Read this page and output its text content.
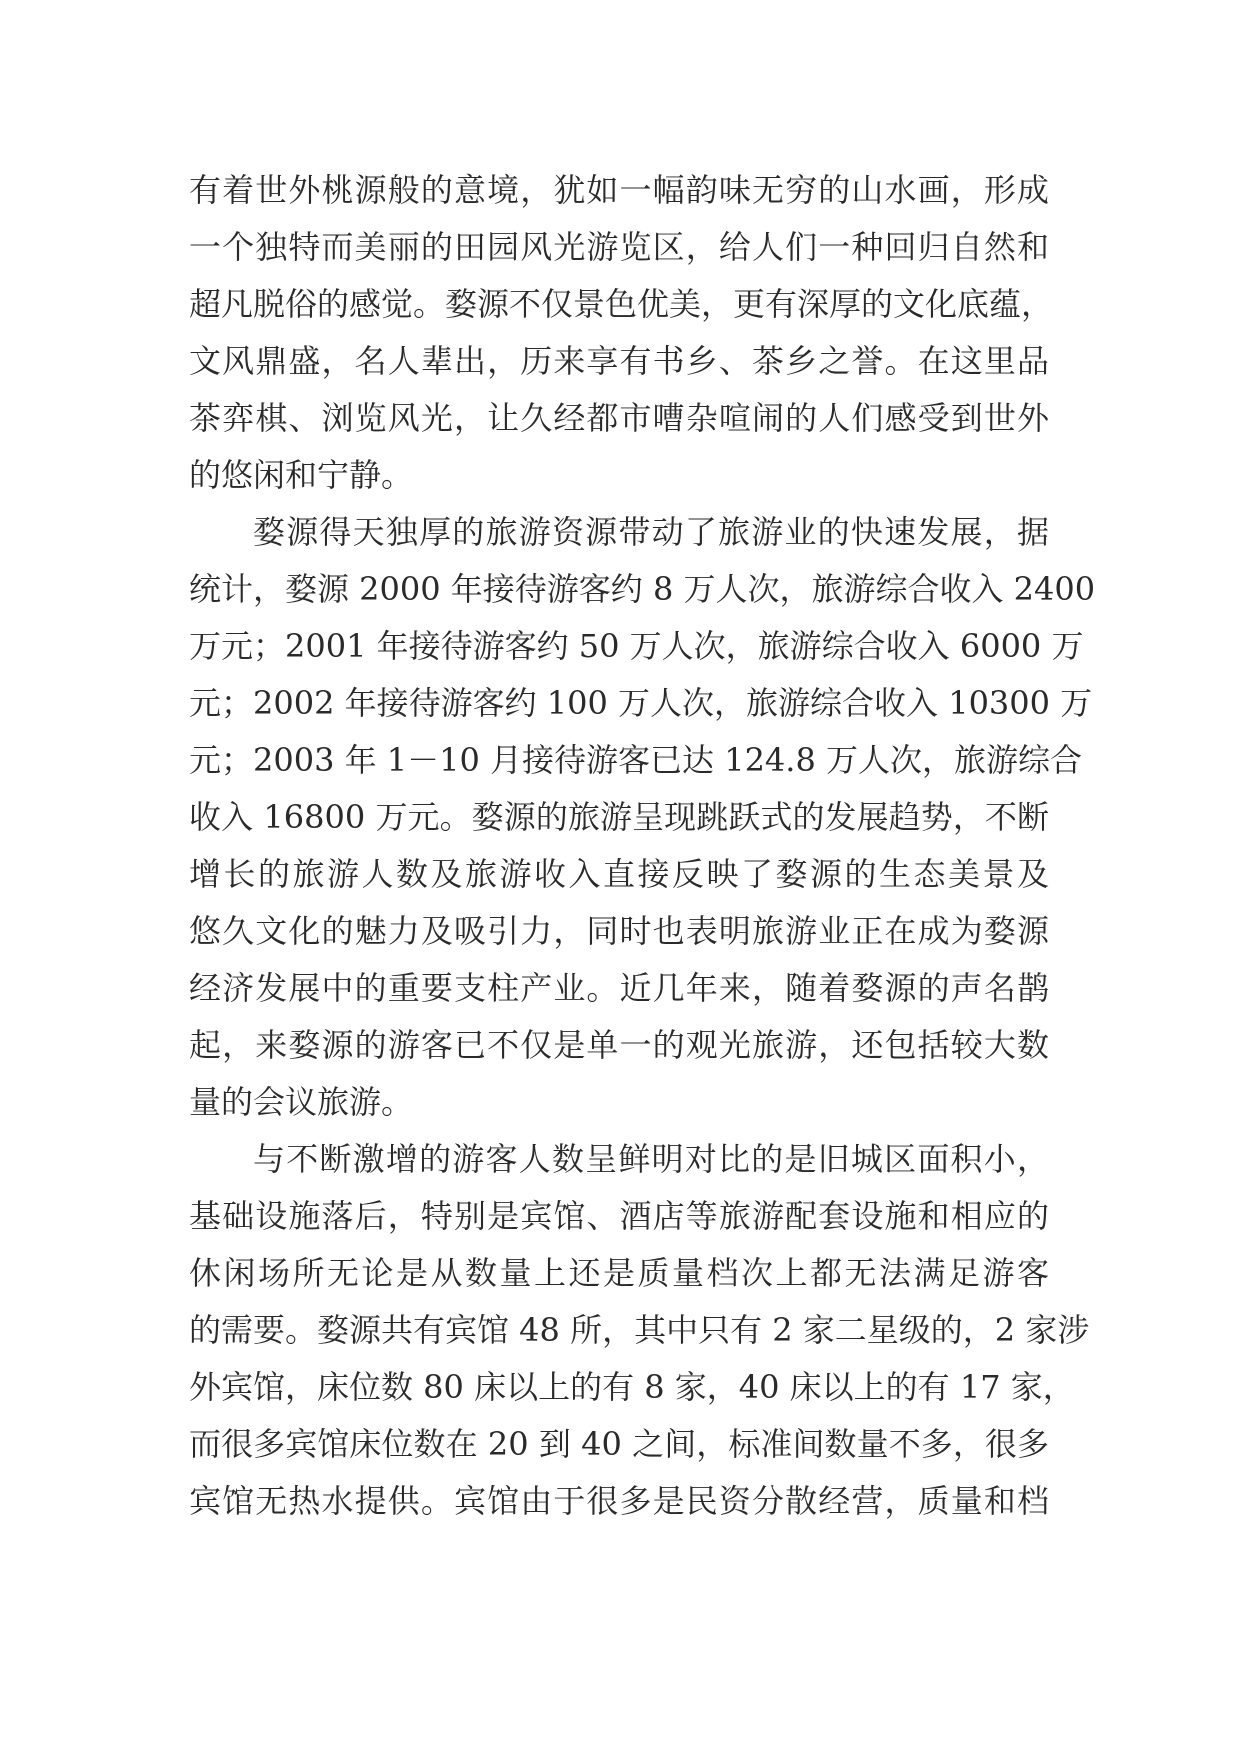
有着世外桃源般的意境，犹如一幅韵味无穷的山水画，形成
一个独特而美丽的田园风光游览区，给人们一种回归自然和
超凡脱俗的感觉。婺源不仅景色优美，更有深厚的文化底蕴，
文风鼎盛，名人辈出，历来享有书乡、茶乡之誉。在这里品
茶弈棋、浏览风光，让久经都市嘈杂喧闹的人们感受到世外
的悠闲和宁静。
婺源得天独厚的旅游资源带动了旅游业的快速发展，据
统计，婺源 2000 年接待游客约 8 万人次，旅游综合收入 2400
万元；2001 年接待游客约 50 万人次，旅游综合收入 6000 万
元；2002 年接待游客约 100 万人次，旅游综合收入 10300 万
元；2003 年 1－10 月接待游客已达 124.8 万人次，旅游综合
收入 16800 万元。婺源的旅游呈现跳跃式的发展趋势，不断
增长的旅游人数及旅游收入直接反映了婺源的生态美景及
悠久文化的魅力及吸引力，同时也表明旅游业正在成为婺源
经济发展中的重要支柱产业。近几年来，随着婺源的声名鹊
起，来婺源的游客已不仅是单一的观光旅游，还包括较大数
量的会议旅游。
与不断激增的游客人数呈鲜明对比的是旧城区面积小，
基础设施落后，特别是宾馆、酒店等旅游配套设施和相应的
休闲场所无论是从数量上还是质量档次上都无法满足游客
的需要。婺源共有宾馆 48 所，其中只有 2 家二星级的，2 家涉
外宾馆，床位数 80 床以上的有 8 家，40 床以上的有 17 家，
而很多宾馆床位数在 20 到 40 之间，标准间数量不多，很多
宾馆无热水提供。宾馆由于很多是民资分散经营，质量和档
